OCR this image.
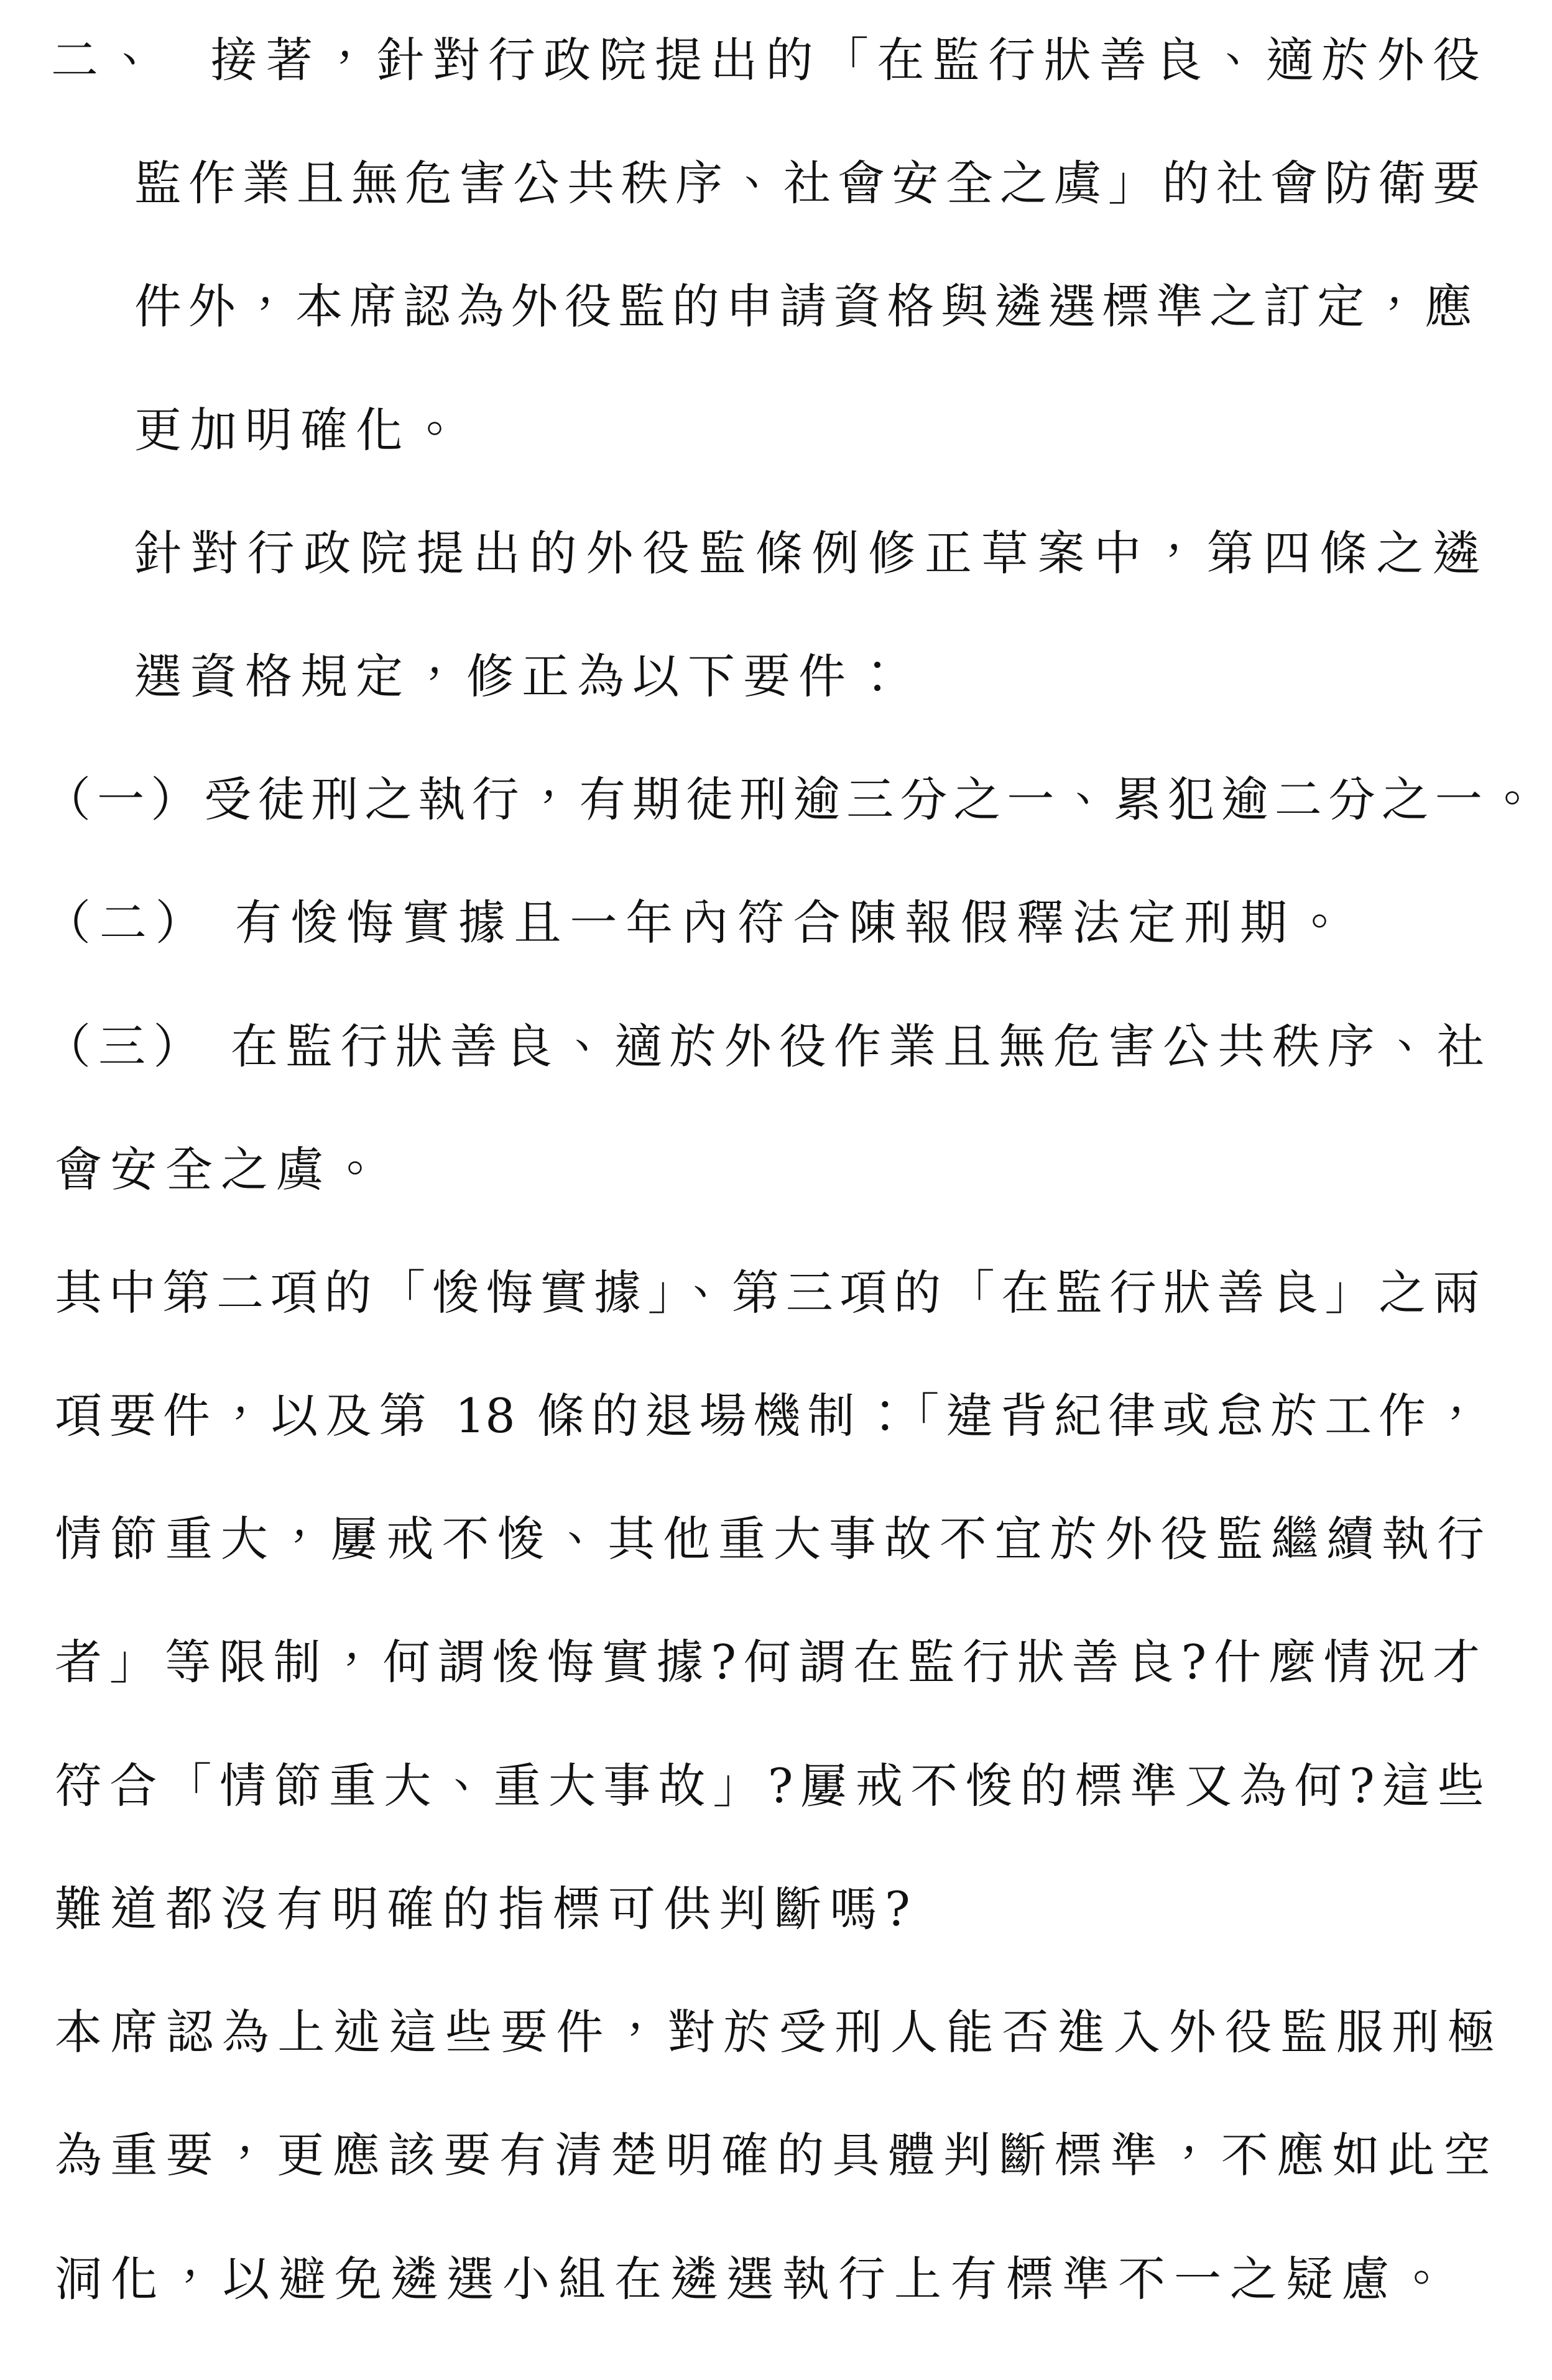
二、 接著，針對行政院提出的「在監行狀善良、適於外役
監作業且無危害公共秩序、社會安全之虞」的社會防衛要
件外，本席認為外役監的申請資格與遴選標準之訂定，應
更加明確化。
針對行政院提出的外役監條例修正草案中，第四條之遴
選資格規定，修正為以下要件：
（一）受徒刑之執行，有期徒刑逾三分之一、累犯逾二分之一。
（二） 有悛悔實據且一年內符合陳報假釋法定刑期。
（三） 在監行狀善良、適於外役作業且無危害公共秩序、社
會安全之虞。
其中第二項的「悛悔實據」、第三項的「在監行狀善良」之兩
項要件，以及第 18 條的退場機制：「違背紀律或怠於工作，
情節重大，屢戒不悛、其他重大事故不宜於外役監繼續執行
者」等限制，何謂悛悔實據?何謂在監行狀善良?什麼情況才
符合「情節重大、重大事故」?屢戒不悛的標準又為何?這些
難道都沒有明確的指標可供判斷嗎?
本席認為上述這些要件，對於受刑人能否進入外役監服刑極
為重要，更應該要有清楚明確的具體判斷標準，不應如此空
洞化，以避免遴選小組在遴選執行上有標準不一之疑慮。
